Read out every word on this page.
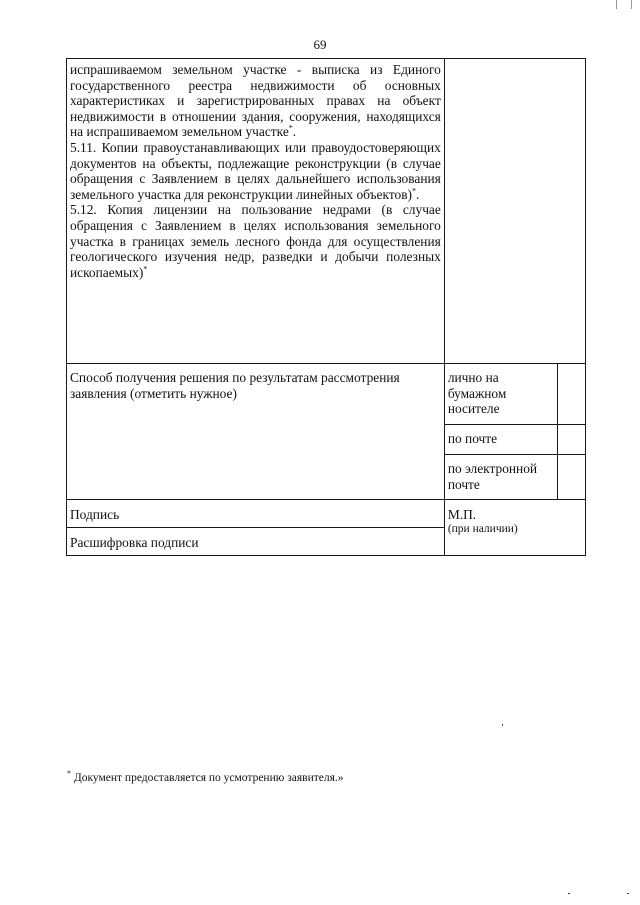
| |
69
испрашиваемом земельном участке - выписка из Единого государственного реестра недвижимости об основных характеристиках и зарегистрированных правах на объект недвижимости в отношении здания, сооружения, находящихся на испрашиваемом земельном участке*.
5.11. Копии правоустанавливающих или правоудостоверяющих документов на объекты, подлежащие реконструкции (в случае обращения с Заявлением в целях дальнейшего использования земельного участка для реконструкции линейных объектов)*.
5.12. Копия лицензии на пользование недрами (в случае обращения с Заявлением в целях использования земельного участка в границах земель лесного фонда для осуществления геологического изучения недр, разведки и добычи полезных ископаемых)*

Способ получения решения по результатам рассмотрения заявления (отметить нужное)	лично на бумажном носителе	
	по почте	
	по электронной почте	
Подпись	М.П.
(при наличии)	

Расшифровка подписи		
* Документ предоставляется по усмотрению заявителя.»
